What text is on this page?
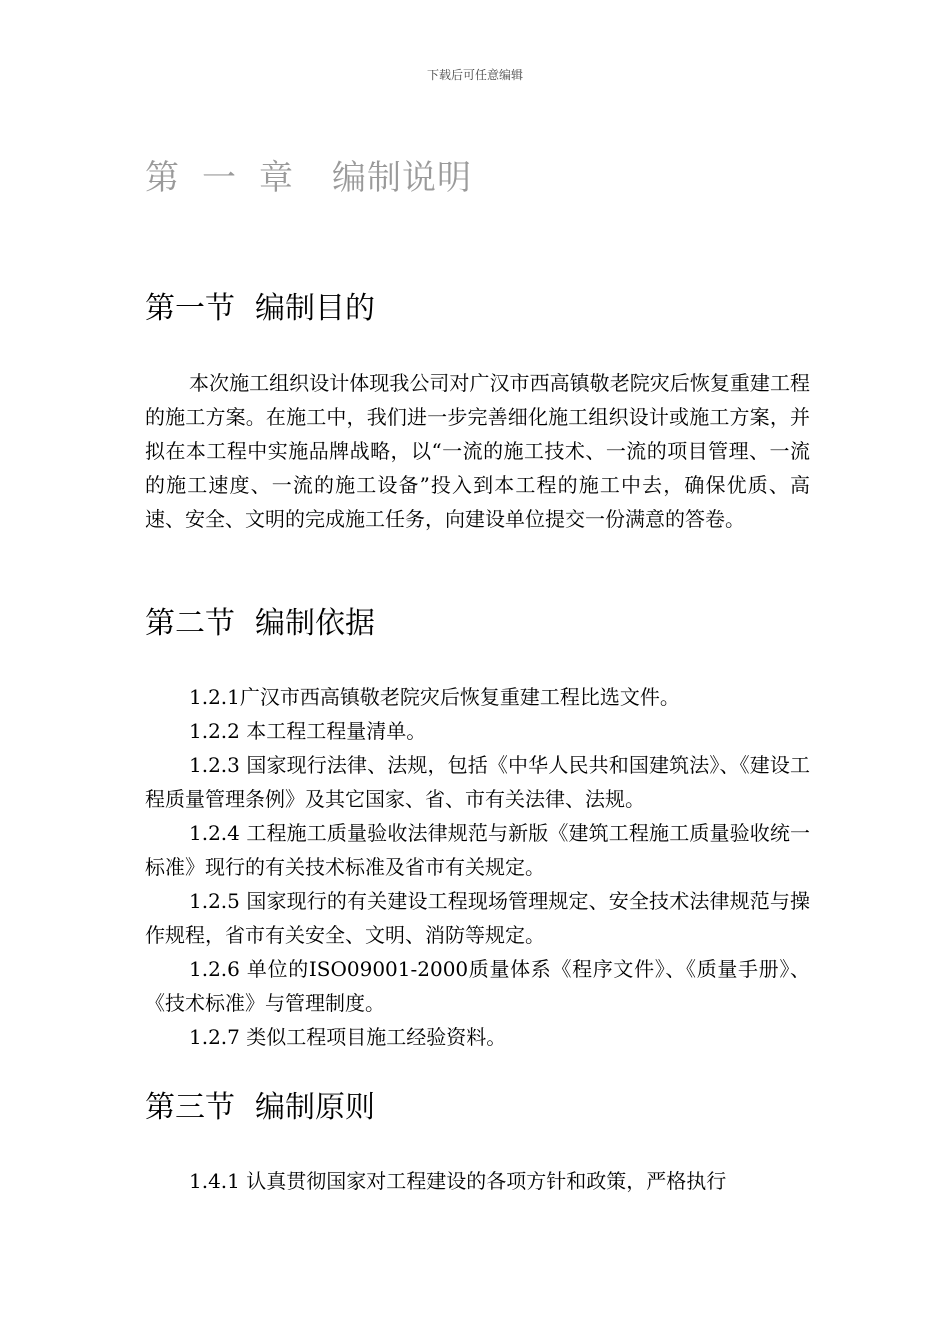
下载后可任意编辑
第 一 章 编制说明
第一节 编制目的

本次施工组织设计体现我公司对广汉市西高镇敬老院灾后恢复重建工程的施工方案。在施工中，我们进一步完善细化施工组织设计或施工方案，并拟在本工程中实施品牌战略，以“一流的施工技术、一流的项目管理、一流的施工速度、一流的施工设备”投入到本工程的施工中去，确保优质、高速、安全、文明的完成施工任务，向建设单位提交一份满意的答卷。

第二节 编制依据

1.2.1广汉市西高镇敬老院灾后恢复重建工程比选文件。

1.2.2 本工程工程量清单。

1.2.3 国家现行法律、法规，包括《中华人民共和国建筑法》、《建设工程质量管理条例》及其它国家、省、市有关法律、法规。

1.2.4 工程施工质量验收法律规范与新版《建筑工程施工质量验收统一标准》现行的有关技术标准及省市有关规定。

1.2.5 国家现行的有关建设工程现场管理规定、安全技术法律规范与操作规程，省市有关安全、文明、消防等规定。

1.2.6 单位的ISO09001-2000质量体系《程序文件》、《质量手册》、《技术标准》与管理制度。

1.2.7 类似工程项目施工经验资料。

第三节 编制原则

1.4.1 认真贯彻国家对工程建设的各项方针和政策，严格执行
